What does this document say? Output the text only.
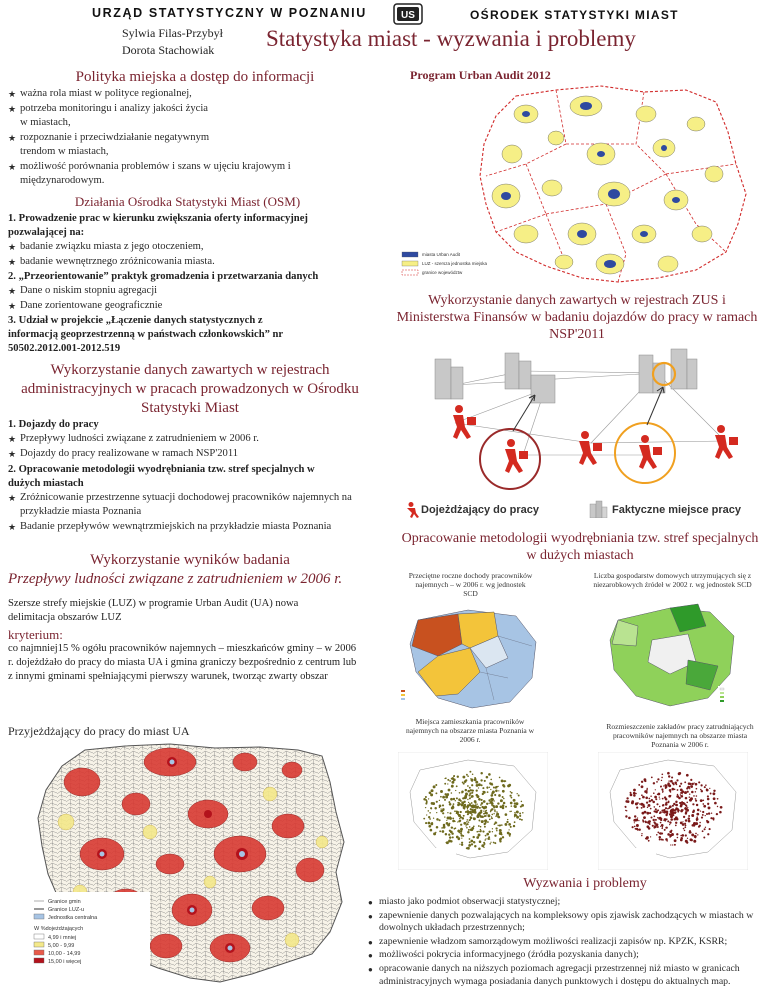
URZĄD STATYSTYCZNY W POZNANIU	US	OŚRODEK STATYSTYKI MIAST
Sylwia Filas-Przybył
Dorota Stachowiak	Statystyka miast - wyzwania i problemy
Polityka miejska a dostęp do informacji
★ ważna rola miast w polityce regionalnej,
★ potrzeba monitoringu i analizy jakości życia w miastach,
★ rozpoznanie i przeciwdziałanie negatywnym trendom w miastach,
★ możliwość porównania problemów i szans w ujęciu krajowym i międzynarodowym.
Działania Ośrodka Statystyki Miast (OSM)
1. Prowadzenie prac w kierunku zwiększania oferty informacyjnej pozwalającej na:
★ badanie związku miasta z jego otoczeniem,
★ badanie wewnętrznego zróżnicowania miasta.
2. „Przeorientowanie” praktyk gromadzenia i przetwarzania danych
★ Dane o niskim stopniu agregacji
★ Dane zorientowane geograficznie
3. Udział w projekcie „Łączenie danych statystycznych z informacją geoprzestrzenną w państwach członkowskich” nr 50502.2012.001-2012.519
Wykorzystanie danych zawartych w rejestrach administracyjnych w pracach prowadzonych w Ośrodku Statystyki Miast
1. Dojazdy do pracy
★ Przepływy ludności związane z zatrudnieniem w 2006 r.
★ Dojazdy do pracy realizowane w ramach NSP'2011
2. Opracowanie metodologii wyodrębniania tzw. stref specjalnych w dużych miastach
★ Zróżnicowanie przestrzenne sytuacji dochodowej pracowników najemnych na przykładzie miasta Poznania
★ Badanie przepływów wewnątrzmiejskich na przykładzie miasta Poznania
Wykorzystanie wyników badania
Przepływy ludności związane z zatrudnieniem w 2006 r.
Szersze strefy miejskie (LUZ) w programie Urban Audit (UA) nowa delimitacja obszarów LUZ
kryterium:
co najmniej15 % ogółu pracowników najemnych – mieszkańców gminy – w 2006 r. dojeżdżało do pracy do miasta UA i gmina graniczy bezpośrednio z centrum lub z innymi gminami spełniającymi pierwszy warunek, tworząc zwarty obszar
Przyjeżdżający do pracy do miast UA
Granice gmin
Granice LUZ-u
Jednostka centralna
W %dojeżdżających
4,99 i mniej
5,00 - 9,99
10,00 - 14,99
15,00 i więcej
Program Urban Audit 2012
miasta Urban Audit
LUZ - szersza jednostka miejska
granice województw
Wykorzystanie danych zawartych w rejestrach ZUS i Ministerstwa Finansów w badaniu dojazdów do pracy w ramach NSP'2011
Dojeżdżający do pracy	Faktyczne miejsce pracy
Opracowanie metodologii wyodrębniania tzw. stref specjalnych w dużych miastach
Przeciętne roczne dochody pracowników najemnych – w 2006 r. wg jednostek SCD
Liczba gospodarstw domowych utrzymujących się z niezarobkowych źródeł w 2002 r. wg jednostek SCD
Miejsca zamieszkania pracowników najemnych na obszarze miasta Poznania w 2006 r.
Rozmieszczenie zakładów pracy zatrudniających pracowników najemnych na obszarze miasta Poznania w 2006 r.
Wyzwania i problemy
● miasto jako podmiot obserwacji statystycznej;
● zapewnienie danych pozwalających na kompleksowy opis zjawisk zachodzących w miastach w dowolnych układach przestrzennych;
● zapewnienie władzom samorządowym możliwości realizacji zapisów np. KPZK, KSRR;
● możliwości pokrycia informacyjnego (źródła pozyskania danych);
● opracowanie danych na niższych poziomach agregacji przestrzennej niż miasto w granicach administracyjnych wymaga posiadania danych punktowych i dostępu do aktualnych map.
